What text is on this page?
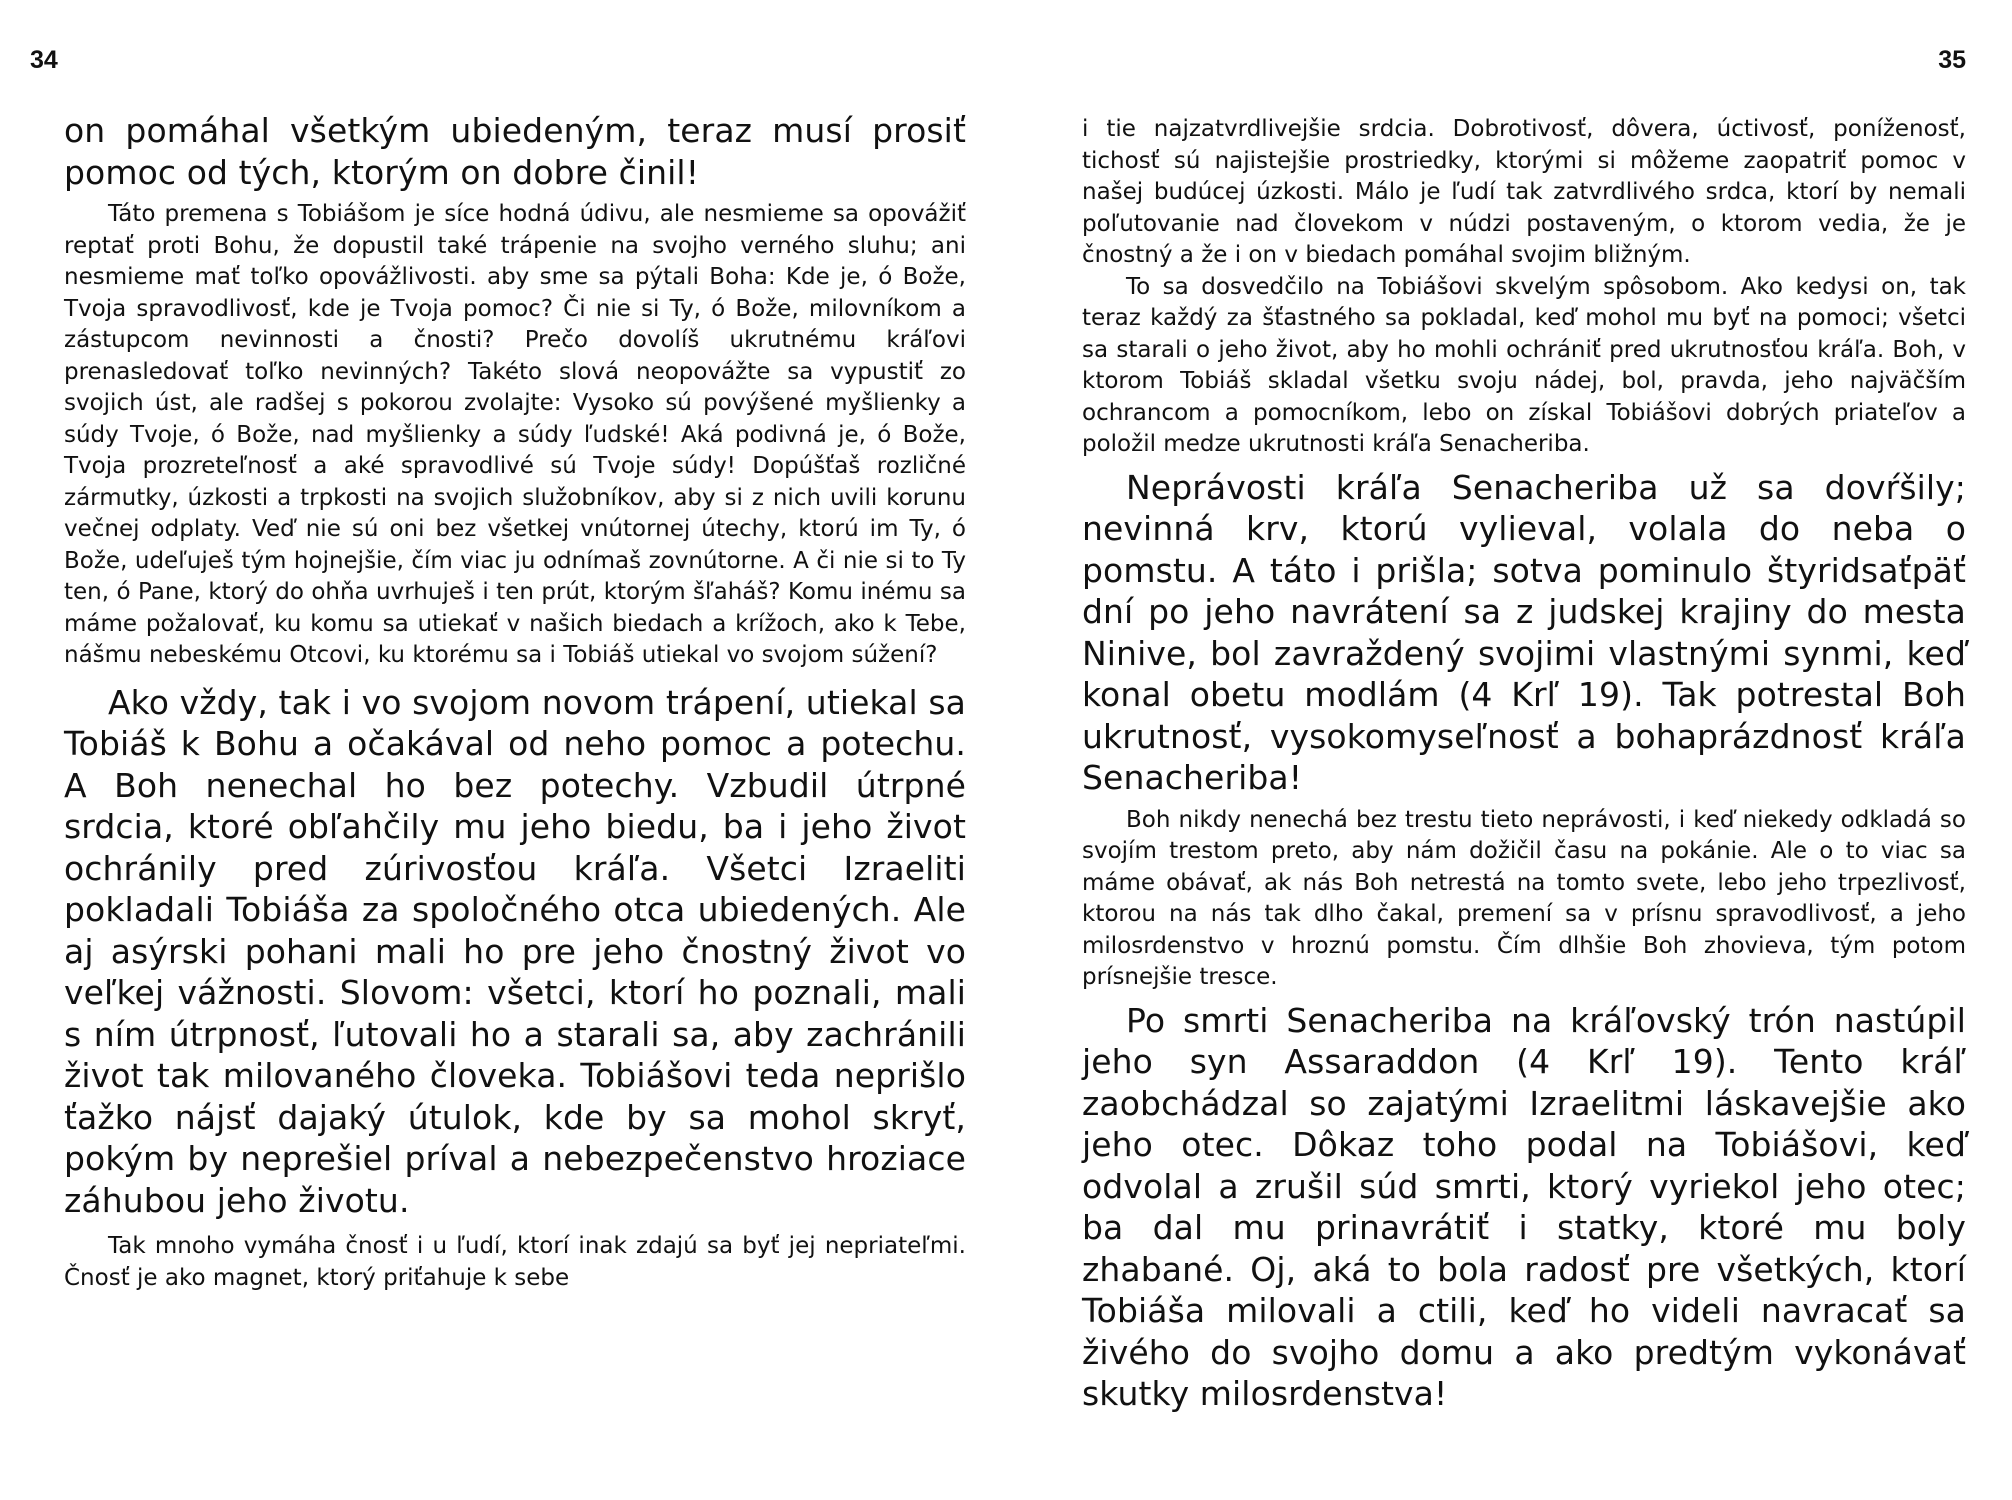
34

on pomáhal všetkým ubiedeným, teraz musí prosiť pomoc od tých, ktorým on dobre činil!

Táto premena s Tobiášom je síce hodná údivu, ale nesmieme sa opovážiť reptať proti Bohu, že dopustil také trápenie na svojho verného sluhu; ani nesmieme mať toľko opovážlivosti. aby sme sa pýtali Boha: Kde je, ó Bože, Tvoja spravodlivosť, kde je Tvoja pomoc? Či nie si Ty, ó Bože, milovníkom a zástupcom nevinnosti a čnosti? Prečo dovolíš ukrutnému kráľovi prenasledovať toľko nevinných? Takéto slová neopovážte sa vypustiť zo svojich úst, ale radšej s pokorou zvolajte: Vysoko sú povýšené myšlienky a súdy Tvoje, ó Bože, nad myšlienky a súdy ľudské! Aká podivná je, ó Bože, Tvoja prozreteľnosť a aké spravodlivé sú Tvoje súdy! Dopúšťaš rozličné zármutky, úzkosti a trpkosti na svojich služobníkov, aby si z nich uvili korunu večnej odplaty. Veď nie sú oni bez všetkej vnútornej útechy, ktorú im Ty, ó Bože, udeľuješ tým hojnejšie, čím viac ju odnímaš zovnútorne. A či nie si to Ty ten, ó Pane, ktorý do ohňa uvrhuješ i ten prút, ktorým šľaháš? Komu inému sa máme požalovať, ku komu sa utiekať v našich biedach a krížoch, ako k Tebe, nášmu nebeskému Otcovi, ku ktorému sa i Tobiáš utiekal vo svojom súžení?

Ako vždy, tak i vo svojom novom trápení, utiekal sa Tobiáš k Bohu a očakával od neho pomoc a potechu. A Boh nenechal ho bez potechy. Vzbudil útrpné srdcia, ktoré obľahčily mu jeho biedu, ba i jeho život ochránily pred zúrivosťou kráľa. Všetci Izraeliti pokladali Tobiáša za spoločného otca ubiedených. Ale aj asýrski pohani mali ho pre jeho čnostný život vo veľkej vážnosti. Slovom: všetci, ktorí ho poznali, mali s ním útrpnosť, ľutovali ho a starali sa, aby zachránili život tak milovaného človeka. Tobiášovi teda neprišlo ťažko nájsť dajaký útulok, kde by sa mohol skryť, pokým by neprešiel príval a nebezpečenstvo hroziace záhubou jeho životu.

Tak mnoho vymáha čnosť i u ľudí, ktorí inak zdajú sa byť jej nepriateľmi. Čnosť je ako magnet, ktorý priťahuje k sebe

35

i tie najzatvrdlivejšie srdcia. Dobrotivosť, dôvera, úctivosť, poníženosť, tichosť sú najistejšie prostriedky, ktorými si môžeme zaopatriť pomoc v našej budúcej úzkosti. Málo je ľudí tak zatvrdlivého srdca, ktorí by nemali poľutovanie nad človekom v núdzi postaveným, o ktorom vedia, že je čnostný a že i on v biedach pomáhal svojim bližným.

To sa dosvedčilo na Tobiášovi skvelým spôsobom. Ako kedysi on, tak teraz každý za šťastného sa pokladal, keď mohol mu byť na pomoci; všetci sa starali o jeho život, aby ho mohli ochrániť pred ukrutnosťou kráľa. Boh, v ktorom Tobiáš skladal všetku svoju nádej, bol, pravda, jeho najväčším ochrancom a pomocníkom, lebo on získal Tobiášovi dobrých priateľov a položil medze ukrutnosti kráľa Senacheriba.

Neprávosti kráľa Senacheriba už sa dovŕšily; nevinná krv, ktorú vylieval, volala do neba o pomstu. A táto i prišla; sotva pominulo štyridsaťpäť dní po jeho navrátení sa z judskej krajiny do mesta Ninive, bol zavraždený svojimi vlastnými synmi, keď konal obetu modlám (4 Krľ 19). Tak potrestal Boh ukrutnosť, vysokomyseľnosť a bohaprázdnosť kráľa Senacheriba!

Boh nikdy nenechá bez trestu tieto neprávosti, i keď niekedy odkladá so svojím trestom preto, aby nám dožičil času na pokánie. Ale o to viac sa máme obávať, ak nás Boh netrestá na tomto svete, lebo jeho trpezlivosť, ktorou na nás tak dlho čakal, premení sa v prísnu spravodlivosť, a jeho milosrdenstvo v hroznú pomstu. Čím dlhšie Boh zhovieva, tým potom prísnejšie tresce.

Po smrti Senacheriba na kráľovský trón nastúpil jeho syn Assaraddon (4 Krľ 19). Tento kráľ zaobchádzal so zajatými Izraelitmi láskavejšie ako jeho otec. Dôkaz toho podal na Tobiášovi, keď odvolal a zrušil súd smrti, ktorý vyriekol jeho otec; ba dal mu prinavrátiť i statky, ktoré mu boly zhabané. Oj, aká to bola radosť pre všetkých, ktorí Tobiáša milovali a ctili, keď ho videli navracať sa živého do svojho domu a ako predtým vykonávať skutky milosrdenstva!
